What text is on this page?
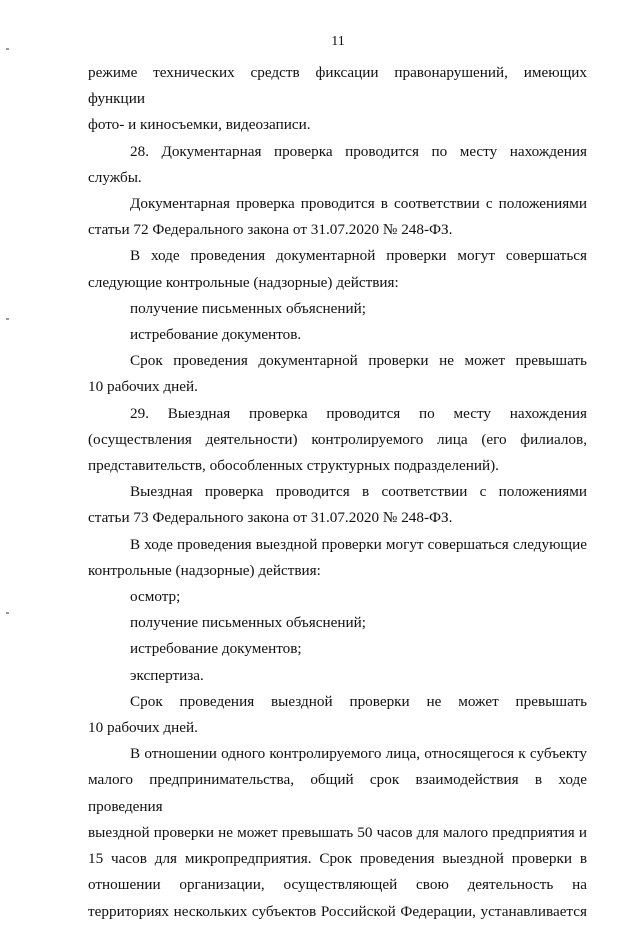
11

режиме технических средств фиксации правонарушений, имеющих функции

фото- и киносъемки, видеозаписи.

28. Документарная проверка проводится по месту нахождения службы.

Документарная проверка проводится в соответствии с положениями

статьи 72 Федерального закона от 31.07.2020 № 248-ФЗ.

В ходе проведения документарной проверки могут совершаться

следующие контрольные (надзорные) действия:

получение письменных объяснений;

истребование документов.

Срок проведения документарной проверки не может превышать

10 рабочих дней.

29. Выездная проверка проводится по месту нахождения

(осуществления деятельности) контролируемого лица (его филиалов,

представительств, обособленных структурных подразделений).

Выездная проверка проводится в соответствии с положениями

статьи 73 Федерального закона от 31.07.2020 № 248-ФЗ.

В ходе проведения выездной проверки могут совершаться следующие

контрольные (надзорные) действия:

осмотр;

получение письменных объяснений;

истребование документов;

экспертиза.

Срок проведения выездной проверки не может превышать

10 рабочих дней.

В отношении одного контролируемого лица, относящегося к субъекту

малого предпринимательства, общий срок взаимодействия в ходе проведения

выездной проверки не может превышать 50 часов для малого предприятия и

15 часов для микропредприятия. Срок проведения выездной проверки в

отношении организации, осуществляющей свою деятельность на

территориях нескольких субъектов Российской Федерации, устанавливается
